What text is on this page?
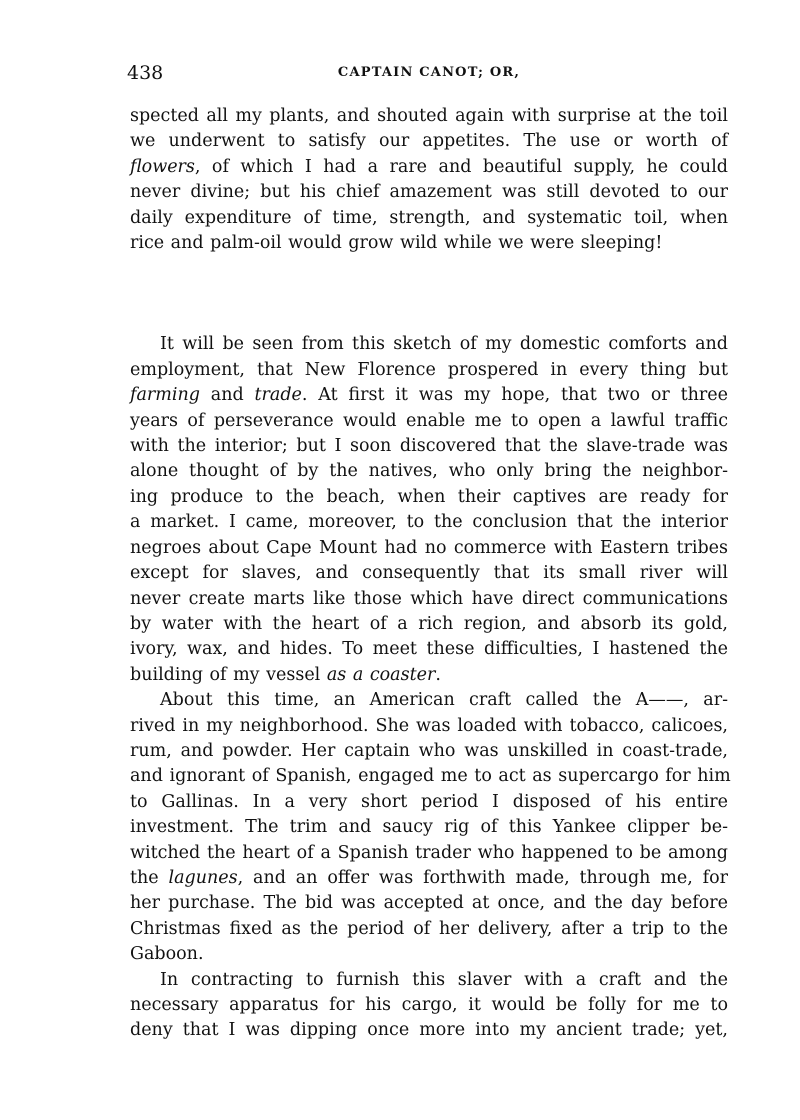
438	CAPTAIN CANOT; OR,

spected all my plants, and shouted again with surprise at the toil
we underwent to satisfy our appetites. The use or worth of
flowers, of which I had a rare and beautiful supply, he could
never divine; but his chief amazement was still devoted to our
daily expenditure of time, strength, and systematic toil, when
rice and palm-oil would grow wild while we were sleeping!

It will be seen from this sketch of my domestic comforts and
employment, that New Florence prospered in every thing but
farming and trade. At first it was my hope, that two or three
years of perseverance would enable me to open a lawful traffic
with the interior; but I soon discovered that the slave-trade was
alone thought of by the natives, who only bring the neighbor-
ing produce to the beach, when their captives are ready for
a market. I came, moreover, to the conclusion that the interior
negroes about Cape Mount had no commerce with Eastern tribes
except for slaves, and consequently that its small river will
never create marts like those which have direct communications
by water with the heart of a rich region, and absorb its gold,
ivory, wax, and hides. To meet these difficulties, I hastened the
building of my vessel as a coaster.

About this time, an American craft called the A——, ar-
rived in my neighborhood. She was loaded with tobacco, calicoes,
rum, and powder. Her captain who was unskilled in coast-trade,
and ignorant of Spanish, engaged me to act as supercargo for him
to Gallinas. In a very short period I disposed of his entire
investment. The trim and saucy rig of this Yankee clipper be-
witched the heart of a Spanish trader who happened to be among
the lagunes, and an offer was forthwith made, through me, for
her purchase. The bid was accepted at once, and the day before
Christmas fixed as the period of her delivery, after a trip to the
Gaboon.

In contracting to furnish this slaver with a craft and the
necessary apparatus for his cargo, it would be folly for me to
deny that I was dipping once more into my ancient trade; yet,
